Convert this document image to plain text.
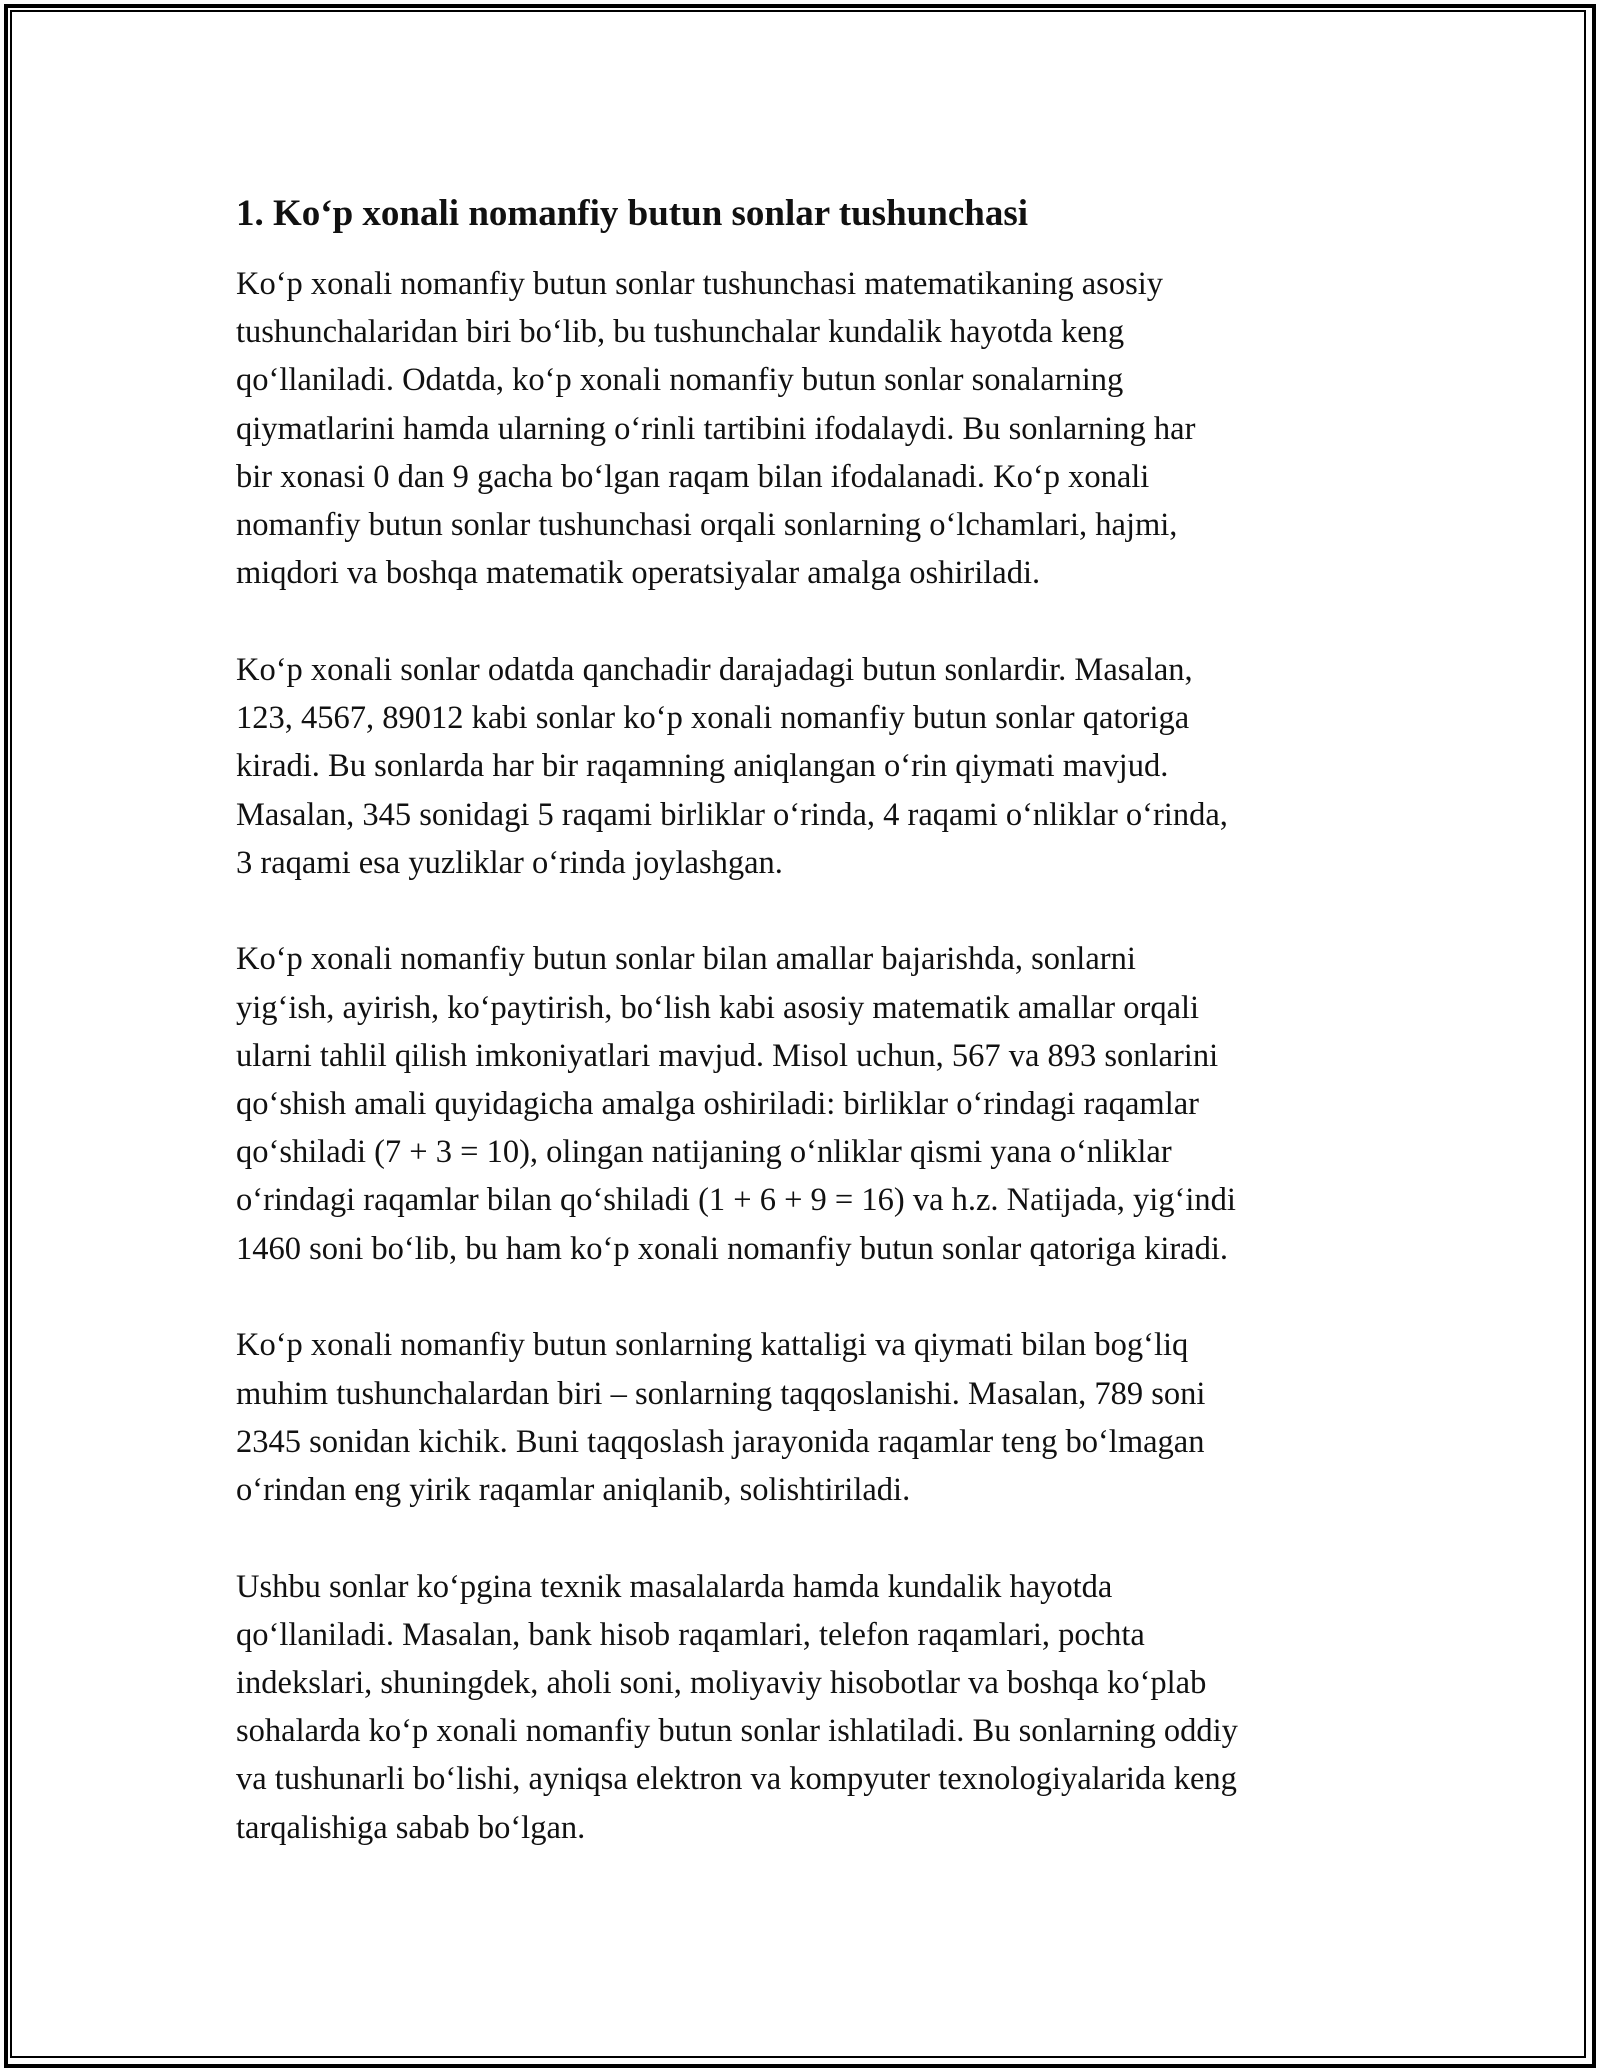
1. Ko‘p xonali nomanfiy butun sonlar tushunchasi

Ko‘p xonali nomanfiy butun sonlar tushunchasi matematikaning asosiy
tushunchalaridan biri bo‘lib, bu tushunchalar kundalik hayotda keng
qo‘llaniladi. Odatda, ko‘p xonali nomanfiy butun sonlar sonalarning
qiymatlarini hamda ularning o‘rinli tartibini ifodalaydi. Bu sonlarning har
bir xonasi 0 dan 9 gacha bo‘lgan raqam bilan ifodalanadi. Ko‘p xonali
nomanfiy butun sonlar tushunchasi orqali sonlarning o‘lchamlari, hajmi,
miqdori va boshqa matematik operatsiyalar amalga oshiriladi.

Ko‘p xonali sonlar odatda qanchadir darajadagi butun sonlardir. Masalan,
123, 4567, 89012 kabi sonlar ko‘p xonali nomanfiy butun sonlar qatoriga
kiradi. Bu sonlarda har bir raqamning aniqlangan o‘rin qiymati mavjud.
Masalan, 345 sonidagi 5 raqami birliklar o‘rinda, 4 raqami o‘nliklar o‘rinda,
3 raqami esa yuzliklar o‘rinda joylashgan.

Ko‘p xonali nomanfiy butun sonlar bilan amallar bajarishda, sonlarni
yig‘ish, ayirish, ko‘paytirish, bo‘lish kabi asosiy matematik amallar orqali
ularni tahlil qilish imkoniyatlari mavjud. Misol uchun, 567 va 893 sonlarini
qo‘shish amali quyidagicha amalga oshiriladi: birliklar o‘rindagi raqamlar
qo‘shiladi (7 + 3 = 10), olingan natijaning o‘nliklar qismi yana o‘nliklar
o‘rindagi raqamlar bilan qo‘shiladi (1 + 6 + 9 = 16) va h.z. Natijada, yig‘indi
1460 soni bo‘lib, bu ham ko‘p xonali nomanfiy butun sonlar qatoriga kiradi.

Ko‘p xonali nomanfiy butun sonlarning kattaligi va qiymati bilan bog‘liq
muhim tushunchalardan biri – sonlarning taqqoslanishi. Masalan, 789 soni
2345 sonidan kichik. Buni taqqoslash jarayonida raqamlar teng bo‘lmagan
o‘rindan eng yirik raqamlar aniqlanib, solishtiriladi.

Ushbu sonlar ko‘pgina texnik masalalarda hamda kundalik hayotda
qo‘llaniladi. Masalan, bank hisob raqamlari, telefon raqamlari, pochta
indekslari, shuningdek, aholi soni, moliyaviy hisobotlar va boshqa ko‘plab
sohalarda ko‘p xonali nomanfiy butun sonlar ishlatiladi. Bu sonlarning oddiy
va tushunarli bo‘lishi, ayniqsa elektron va kompyuter texnologiyalarida keng
tarqalishiga sabab bo‘lgan.
